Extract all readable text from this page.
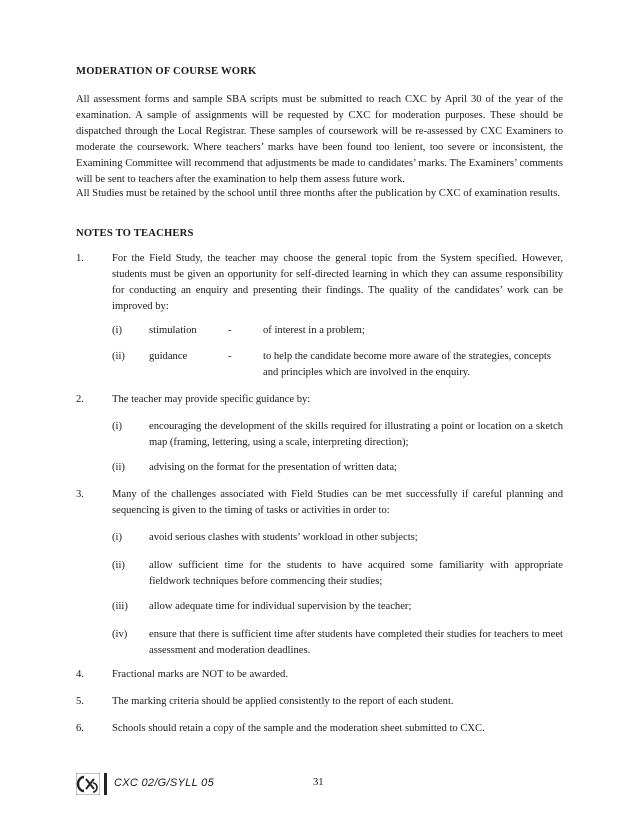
MODERATION OF COURSE WORK

All assessment forms and sample SBA scripts must be submitted to reach CXC by April 30 of the year of the examination. A sample of assignments will be requested by CXC for moderation purposes. These should be dispatched through the Local Registrar. These samples of coursework will be re-assessed by CXC Examiners to moderate the coursework. Where teachers’ marks have been found too lenient, too severe or inconsistent, the Examining Committee will recommend that adjustments be made to candidates’ marks. The Examiners’ comments will be sent to teachers after the examination to help them assess future work.

All Studies must be retained by the school until three months after the publication by CXC of examination results.

NOTES TO TEACHERS
1.	For the Field Study, the teacher may choose the general topic from the System specified. However, students must be given an opportunity for self-directed learning in which they can assume responsibility for conducting an enquiry and presenting their findings. The quality of the candidates’ work can be improved by:
(i)	stimulation	-	of interest in a problem;
(ii) guidance	-	to help the candidate become more aware of the strategies, concepts and principles which are involved in the enquiry.
2.	The teacher may provide specific guidance by:
(i)	encouraging the development of the skills required for illustrating a point or location on a sketch map (framing, lettering, using a scale, interpreting direction);
(ii) advising on the format for the presentation of written data;
3.	Many of the challenges associated with Field Studies can be met successfully if careful planning and sequencing is given to the timing of tasks or activities in order to:
(i)	avoid serious clashes with students’ workload in other subjects;
(ii) allow sufficient time for the students to have acquired some familiarity with appropriate fieldwork techniques before commencing their studies;
(iii) allow adequate time for individual supervision by the teacher;
(iv) ensure that there is sufficient time after students have completed their studies for teachers to meet assessment and moderation deadlines.
4.	Fractional marks are NOT to be awarded.
5.	The marking criteria should be applied consistently to the report of each student.
6.	Schools should retain a copy of the sample and the moderation sheet submitted to CXC.
CXC 02/G/SYLL 05	31
